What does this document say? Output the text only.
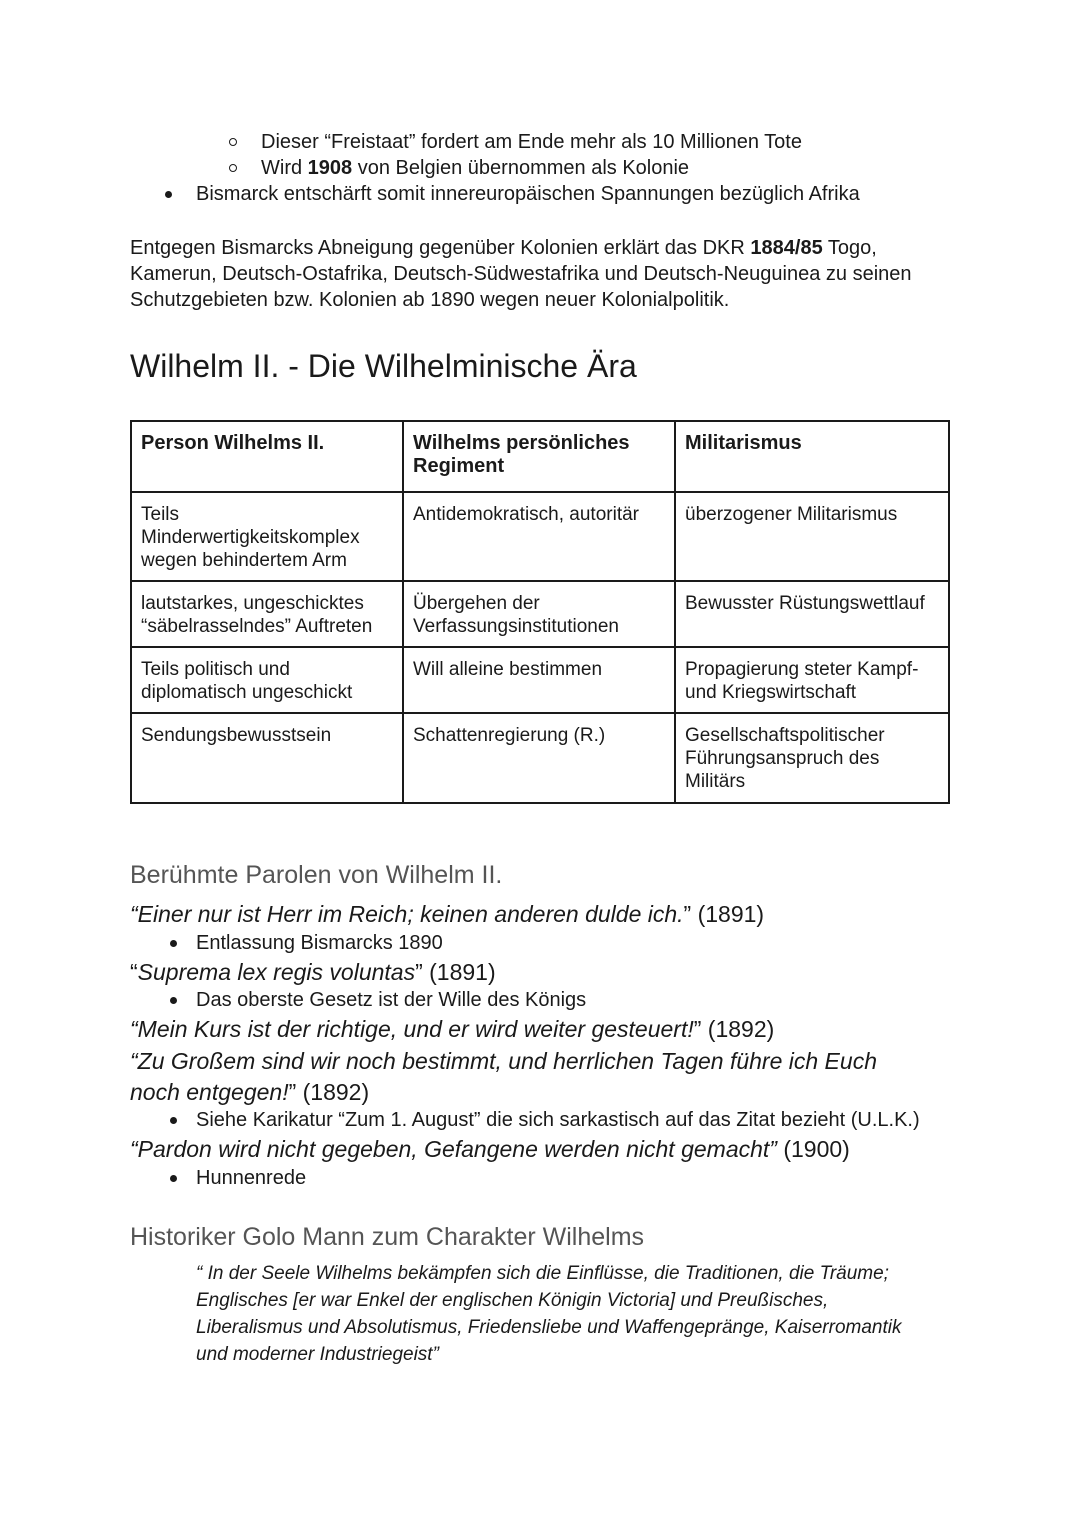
Dieser “Freistaat” fordert am Ende mehr als 10 Millionen Tote
Wird 1908 von Belgien übernommen als Kolonie
Bismarck entschärft somit innereuropäischen Spannungen bezüglich Afrika
Entgegen Bismarcks Abneigung gegenüber Kolonien erklärt das DKR 1884/85 Togo,
Kamerun, Deutsch-Ostafrika, Deutsch-Südwestafrika und Deutsch-Neuguinea zu seinen
Schutzgebieten bzw. Kolonien ab 1890 wegen neuer Kolonialpolitik.
Wilhelm II. - Die Wilhelminische Ära
Person Wilhelms II.	Wilhelms persönliches Regiment	Militarismus
Teils Minderwertigkeitskomplex wegen behindertem Arm	Antidemokratisch, autoritär	überzogener Militarismus
lautstarkes, ungeschicktes “säbelrasselndes” Auftreten	Übergehen der Verfassungsinstitutionen	Bewusster Rüstungswettlauf
Teils politisch und diplomatisch ungeschickt	Will alleine bestimmen	Propagierung steter Kampf- und Kriegswirtschaft
Sendungsbewusstsein	Schattenregierung (R.)	Gesellschaftspolitischer Führungsanspruch des Militärs
Berühmte Parolen von Wilhelm II.
“Einer nur ist Herr im Reich; keinen anderen dulde ich.” (1891)
Entlassung Bismarcks 1890
“Suprema lex regis voluntas” (1891)
Das oberste Gesetz ist der Wille des Königs
“Mein Kurs ist der richtige, und er wird weiter gesteuert!” (1892)
“Zu Großem sind wir noch bestimmt, und herrlichen Tagen führe ich Euch
noch entgegen!” (1892)
Siehe Karikatur “Zum 1. August” die sich sarkastisch auf das Zitat bezieht (U.L.K.)
“Pardon wird nicht gegeben, Gefangene werden nicht gemacht” (1900)
Hunnenrede
Historiker Golo Mann zum Charakter Wilhelms
“ In der Seele Wilhelms bekämpfen sich die Einflüsse, die Traditionen, die Träume;
Englisches [er war Enkel der englischen Königin Victoria] und Preußisches,
Liberalismus und Absolutismus, Friedensliebe und Waffengepränge, Kaiserromantik
und moderner Industriegeist”
